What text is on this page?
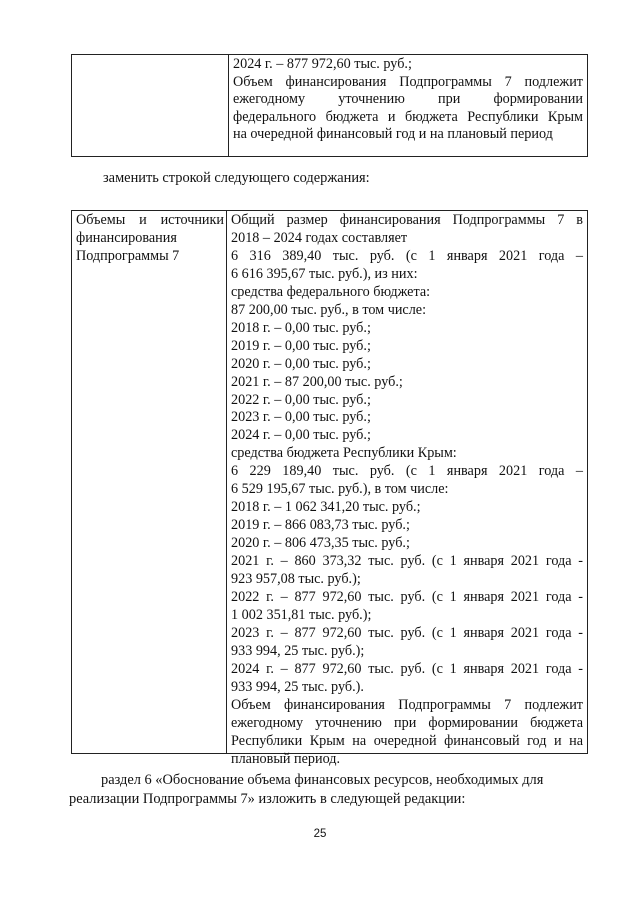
2024 г. – 877 972,60 тыс. руб.;
Объем финансирования Подпрограммы 7 подлежит
ежегодному уточнению при формировании
федерального бюджета и бюджета Республики Крым
на очередной финансовый год и на плановый период
заменить строкой следующего содержания:
Объемы и источники
финансирования
Подпрограммы 7
Общий размер финансирования Подпрограммы 7 в
2018 – 2024 годах составляет
6 316 389,40 тыс. руб. (с 1 января 2021 года –
6 616 395,67 тыс. руб.), из них:
средства федерального бюджета:
87 200,00 тыс. руб., в том числе:
2018 г. – 0,00 тыс. руб.;
2019 г. – 0,00 тыс. руб.;
2020 г. – 0,00 тыс. руб.;
2021 г. – 87 200,00 тыс. руб.;
2022 г. – 0,00 тыс. руб.;
2023 г. – 0,00 тыс. руб.;
2024 г. – 0,00 тыс. руб.;
средства бюджета Республики Крым:
6 229 189,40 тыс. руб. (с 1 января 2021 года –
6 529 195,67 тыс. руб.), в том числе:
2018 г. – 1 062 341,20 тыс. руб.;
2019 г. – 866 083,73 тыс. руб.;
2020 г. – 806 473,35 тыс. руб.;
2021 г. – 860 373,32 тыс. руб. (с 1 января 2021 года -
923 957,08 тыс. руб.);
2022 г. – 877 972,60 тыс. руб. (с 1 января 2021 года -
1 002 351,81 тыс. руб.);
2023 г. – 877 972,60 тыс. руб. (с 1 января 2021 года -
933 994, 25 тыс. руб.);
2024 г. – 877 972,60 тыс. руб. (с 1 января 2021 года -
933 994, 25 тыс. руб.).
Объем финансирования Подпрограммы 7 подлежит
ежегодному уточнению при формировании бюджета
Республики Крым на очередной финансовый год и на
плановый период.
раздел 6 «Обоснование объема финансовых ресурсов, необходимых для
реализации Подпрограммы 7» изложить в следующей редакции:
25
